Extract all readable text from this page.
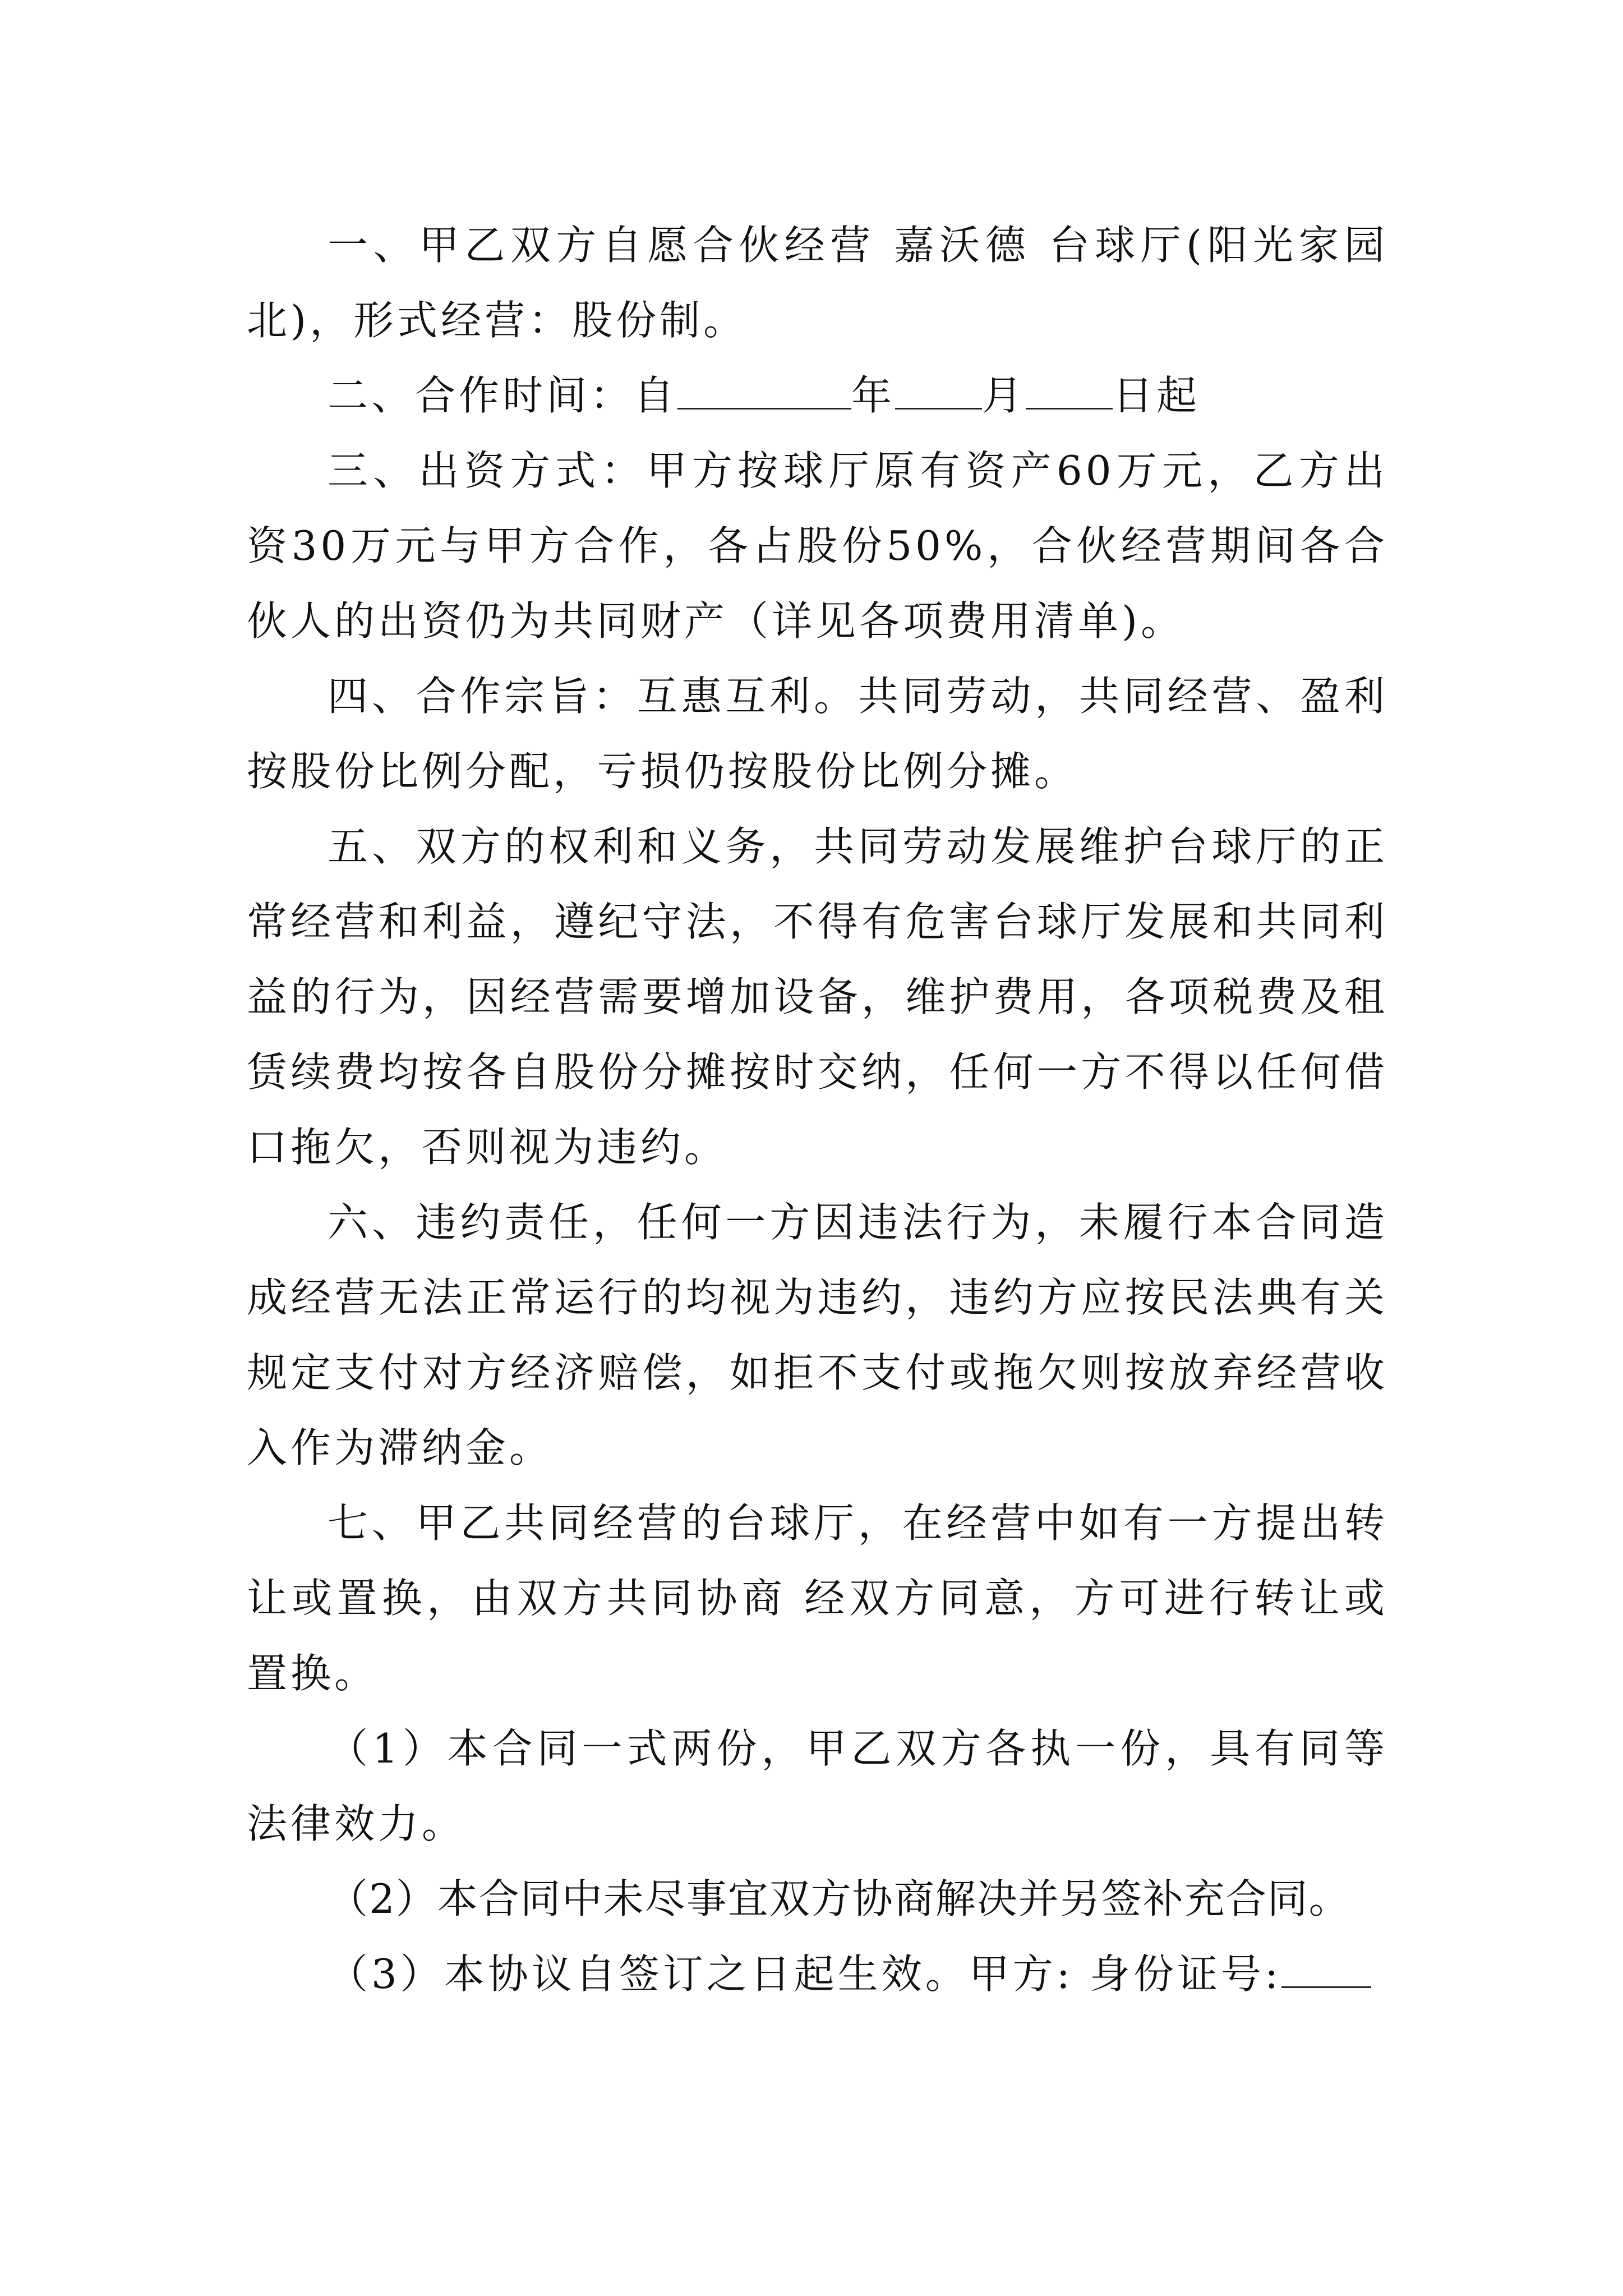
一、甲乙双方自愿合伙经营 嘉沃德 台球厅(阳光家园北)，形式经营：股份制。

二、合作时间：自	年 月 日起

三、出资方式：甲方按球厅原有资产60万元，乙方出资30万元与甲方合作，各占股份50%，合伙经营期间各合伙人的出资仍为共同财产（详见各项费用清单)。

四、合作宗旨：互惠互利。共同劳动，共同经营、盈利按股份比例分配，亏损仍按股份比例分摊。

五、双方的权利和义务，共同劳动发展维护台球厅的正常经营和利益，遵纪守法，不得有危害台球厅发展和共同利益的行为，因经营需要增加设备，维护费用，各项税费及租赁续费均按各自股份分摊按时交纳，任何一方不得以任何借口拖欠，否则视为违约。

六、违约责任，任何一方因违法行为，未履行本合同造成经营无法正常运行的均视为违约，违约方应按民法典有关规定支付对方经济赔偿，如拒不支付或拖欠则按放弃经营收入作为滞纳金。

七、甲乙共同经营的台球厅，在经营中如有一方提出转让或置换，由双方共同协商 经双方同意，方可进行转让或置换。

（1）本合同一式两份，甲乙双方各执一份，具有同等法律效力。

（2）本合同中未尽事宜双方协商解决并另签补充合同。

（3）本协议自签订之日起生效。甲方: 身份证号:
